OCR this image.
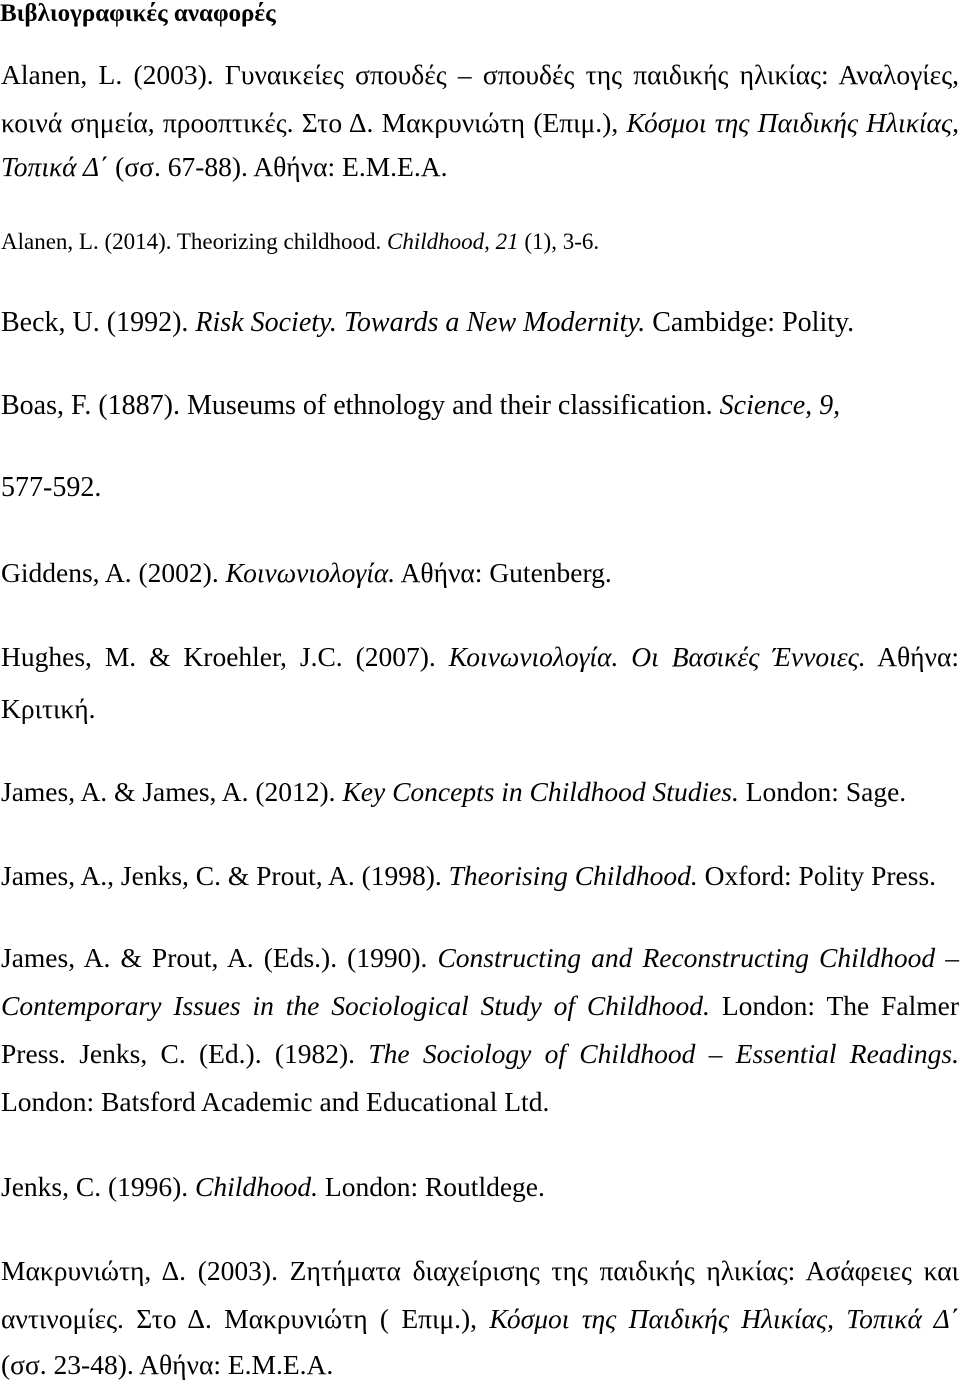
Βιβλιογραφικές αναφορές
Alanen, L. (2003). Γυναικείες σπουδές – σπουδές της παιδικής ηλικίας: Αναλογίες,
κοινά σημεία, προοπτικές. Στο Δ. Μακρυνιώτη (Επιμ.), Κόσμοι της Παιδικής Ηλικίας,
Τοπικά Δ΄ (σσ. 67-88). Αθήνα: Ε.Μ.Ε.Α.
Alanen, L. (2014). Theorizing childhood. Childhood, 21 (1), 3-6.
Beck, U. (1992). Risk Society. Towards a New Modernity. Cambidge: Polity.
Boas, F. (1887). Museums of ethnology and their classification. Science, 9,
577-592.
Giddens, A. (2002). Κοινωνιολογία. Αθήνα: Gutenberg.
Hughes, M. & Kroehler, J.C. (2007). Κοινωνιολογία. Οι Βασικές Έννοιες. Αθήνα:
Κριτική.
James, A. & James, A. (2012). Key Concepts in Childhood Studies. London: Sage.
James, A., Jenks, C. & Prout, A. (1998). Theorising Childhood. Oxford: Polity Press.
James, A. & Prout, A. (Eds.). (1990). Constructing and Reconstructing Childhood –
Contemporary Issues in the Sociological Study of Childhood. London: The Falmer
Press. Jenks, C. (Ed.). (1982). The Sociology of Childhood – Essential Readings.
London: Batsford Academic and Educational Ltd.
Jenks, C. (1996). Childhood. London: Routldege.
Μακρυνιώτη, Δ. (2003). Ζητήματα διαχείρισης της παιδικής ηλικίας: Ασάφειες και
αντινομίες. Στο Δ. Μακρυνιώτη ( Επιμ.), Κόσμοι της Παιδικής Ηλικίας, Τοπικά Δ΄
(σσ. 23-48). Αθήνα: Ε.Μ.Ε.Α.
